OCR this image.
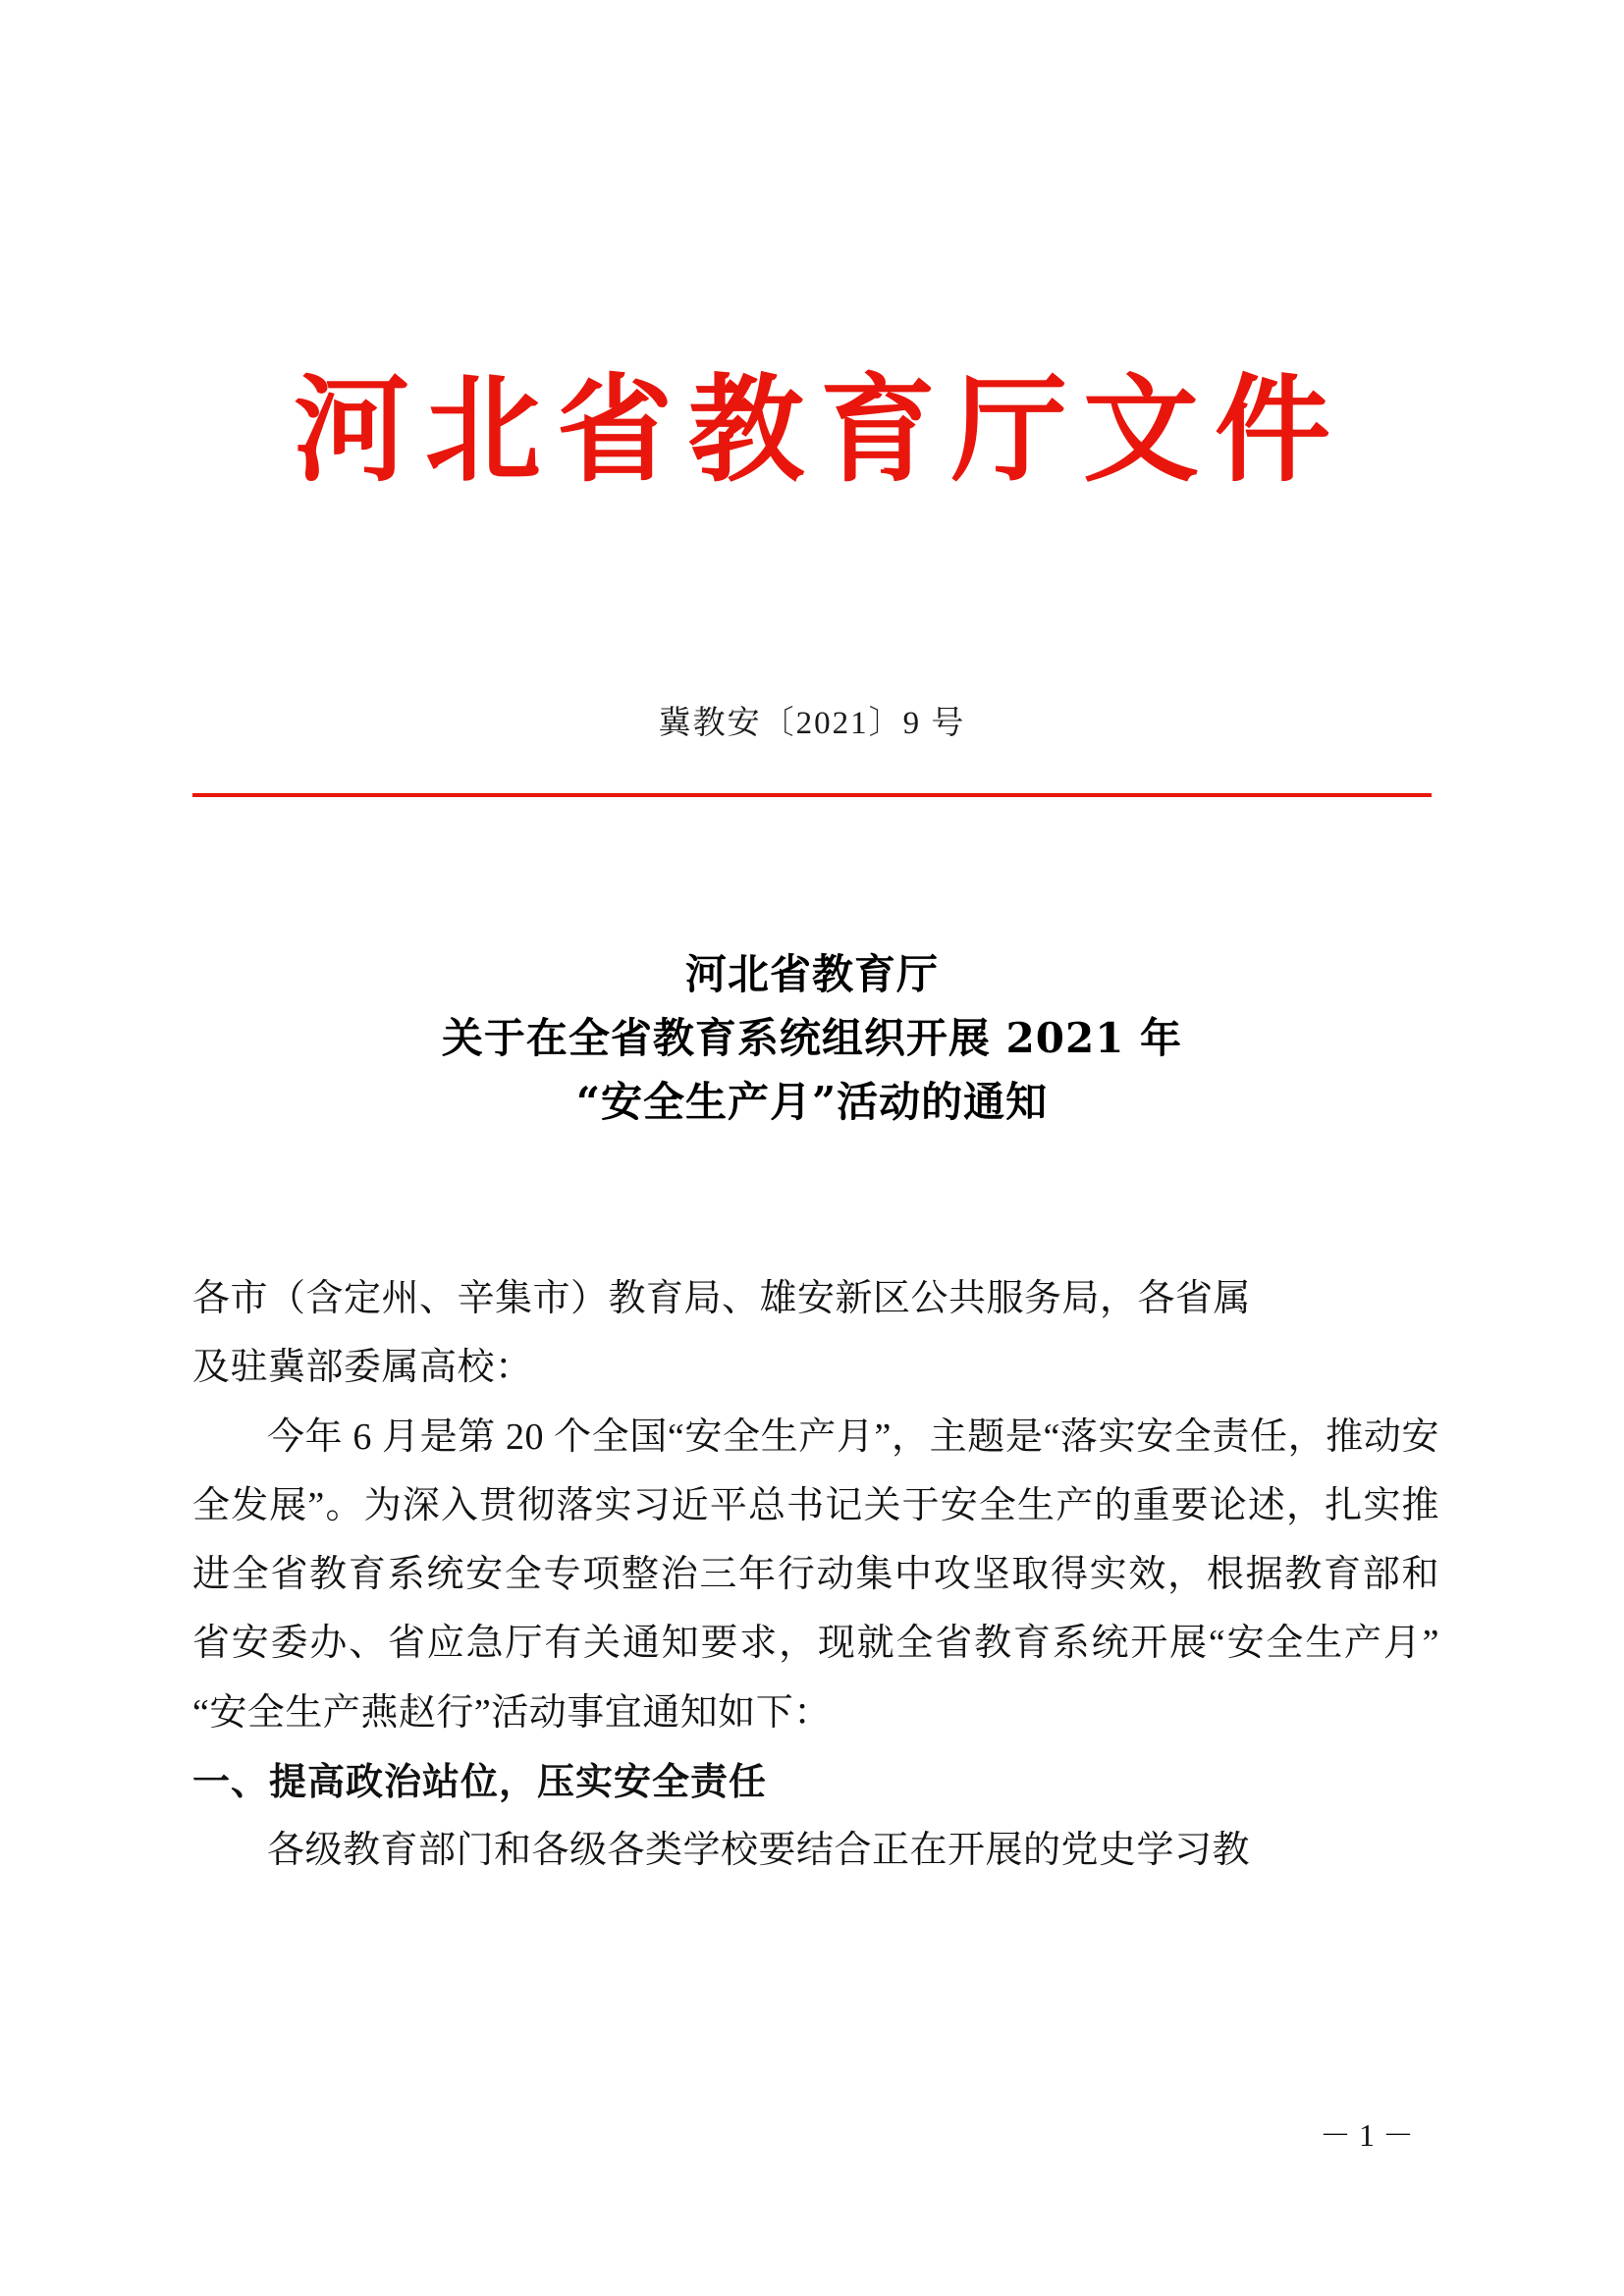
河北省教育厅文件
冀教安〔2021〕9 号
河北省教育厅
关于在全省教育系统组织开展 2021 年
“安全生产月”活动的通知

各市（含定州、辛集市）教育局、雄安新区公共服务局，各省属

及驻冀部委属高校：

今年 6 月是第 20 个全国“安全生产月”，主题是“落实安全责任，推动安全发展”。为深入贯彻落实习近平总书记关于安全生产的重要论述，扎实推进全省教育系统安全专项整治三年行动集中攻坚取得实效，根据教育部和省安委办、省应急厅有关通知要求，现就全省教育系统开展“安全生产月”“安全生产燕赵行”活动事宜通知如下：

一、提高政治站位，压实安全责任

各级教育部门和各级各类学校要结合正在开展的党史学习教

－ 1 －
